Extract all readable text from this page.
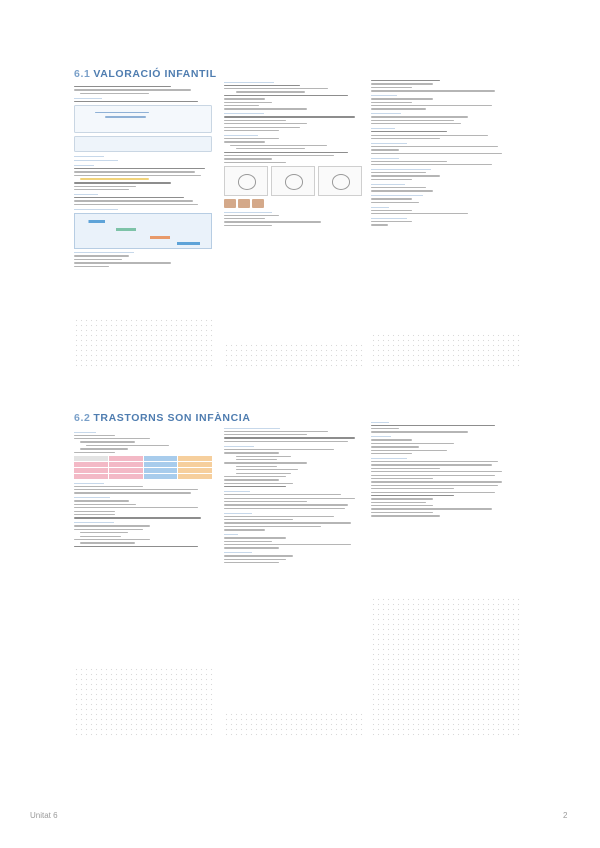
6.1 VALORACIÓ INFANTIL
6.2 TRASTORNS SON INFÀNCIA
Unitat 6	2
